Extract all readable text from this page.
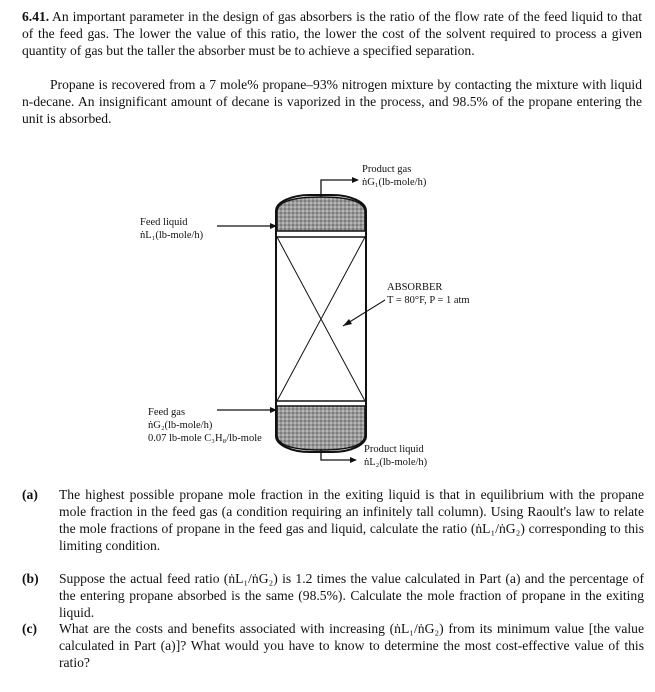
6.41. An important parameter in the design of gas absorbers is the ratio of the flow rate of the feed liquid to that of the feed gas. The lower the value of this ratio, the lower the cost of the solvent required to process a given quantity of gas but the taller the absorber must be to achieve a specified separation.
Propane is recovered from a 7 mole% propane–93% nitrogen mixture by contacting the mixture with liquid n-decane. An insignificant amount of decane is vaporized in the process, and 98.5% of the propane entering the unit is absorbed.
Product gas
ṅG₁(lb-mole/h)
Feed liquid
ṅL₁(lb-mole/h)
ABSORBER
T = 80°F, P = 1 atm
Feed gas
ṅG₂(lb-mole/h)
0.07 lb-mole C₃H₈/lb-mole
Product liquid
ṅL₂(lb-mole/h)
(a) The highest possible propane mole fraction in the exiting liquid is that in equilibrium with the propane mole fraction in the feed gas (a condition requiring an infinitely tall column). Using Raoult's law to relate the mole fractions of propane in the feed gas and liquid, calculate the ratio (ṅL₁/ṅG₂) corresponding to this limiting condition.
(b) Suppose the actual feed ratio (ṅL₁/ṅG₂) is 1.2 times the value calculated in Part (a) and the percentage of the entering propane absorbed is the same (98.5%). Calculate the mole fraction of propane in the exiting liquid.
(c) What are the costs and benefits associated with increasing (ṅL₁/ṅG₂) from its minimum value [the value calculated in Part (a)]? What would you have to know to determine the most cost-effective value of this ratio?
